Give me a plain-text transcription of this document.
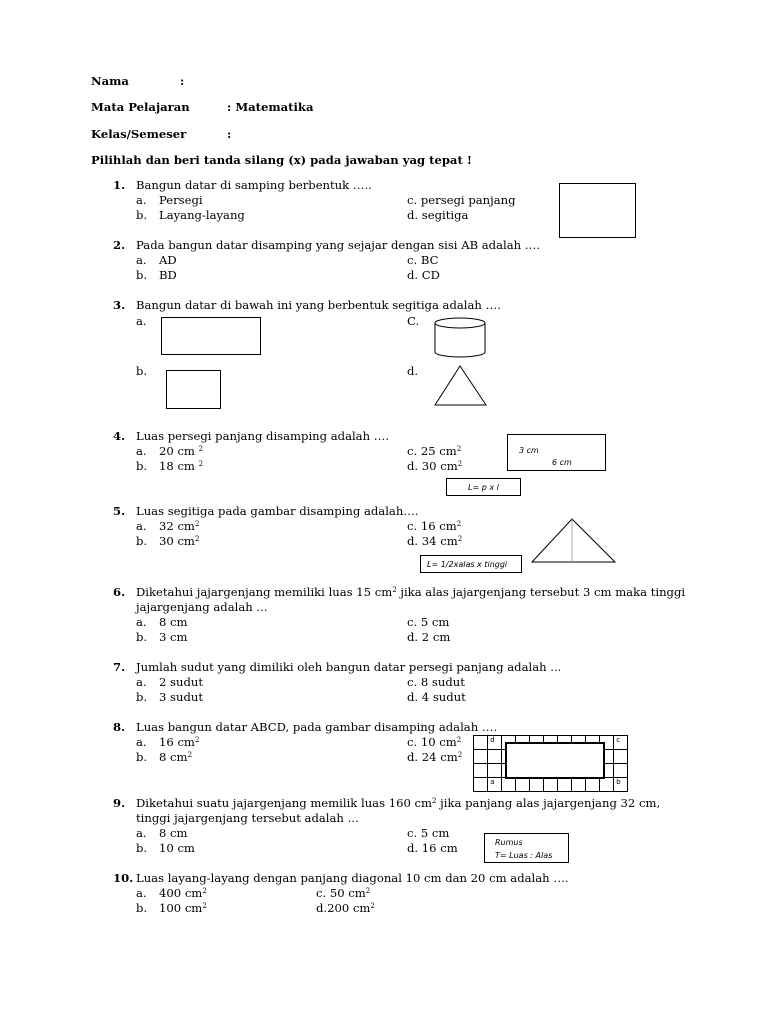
Nama	:
Mata Pelajaran	: Matematika
Kelas/Semeser	:
Pilihlah dan beri tanda silang (x) pada jawaban yag tepat !
1. Bangun datar di samping berbentuk …..
a. Persegi
b. Layang-layang
c. persegi panjang
d. segitiga
2. Pada bangun datar disamping yang sejajar dengan sisi AB adalah ….
a. AD
b. BD
c. BC
d. CD
3. Bangun datar di bawah ini yang berbentuk segitiga adalah ….
a.	C.
b.	d.
4. Luas persegi panjang disamping adalah ….
a. 20 cm $^2$
b. 18 cm $^2$
c. 25 $cm^2$
d. 30 $cm^2$
3 cm
6 cm
L= p x l
5. Luas segitiga pada gambar disamping adalah….
a. 32 $cm^2$
b. 30 $cm^2$
c. 16 $cm^2$
d. 34 $cm^2$
L= 1/2xalas x tinggi
6. Diketahui jajargenjang memiliki luas 15 $cm^2$ jika alas jajargenjang tersebut 3 cm maka tinggi
jajargenjang adalah ...
a. 8 cm
b. 3 cm
c. 5 cm
d. 2 cm
7. Jumlah sudut yang dimiliki oleh bangun datar persegi panjang adalah ...
a. 2 sudut
b. 3 sudut
c. 8 sudut
d. 4 sudut
8. Luas bangun datar ABCD, pada gambar disamping adalah ….
a. 16 $cm^2$
b. 8 $cm^2$
c. 10 $cm^2$
d. 24 $cm^2$
	d									c

	a									b
9. Diketahui suatu jajargenjang memilik luas 160 $cm^2$ jika panjang alas jajargenjang 32 cm,
tinggi jajargenjang tersebut adalah ...
a. 8 cm
b. 10 cm
c. 5 cm
d. 16 cm	Rumus
T= Luas : Alas
10. Luas layang-layang dengan panjang diagonal 10 cm dan 20 cm adalah ….
a. 400 $cm^2$
b. 100 $cm^2$
c. 50 $cm^2$
d.200 $cm^2$
